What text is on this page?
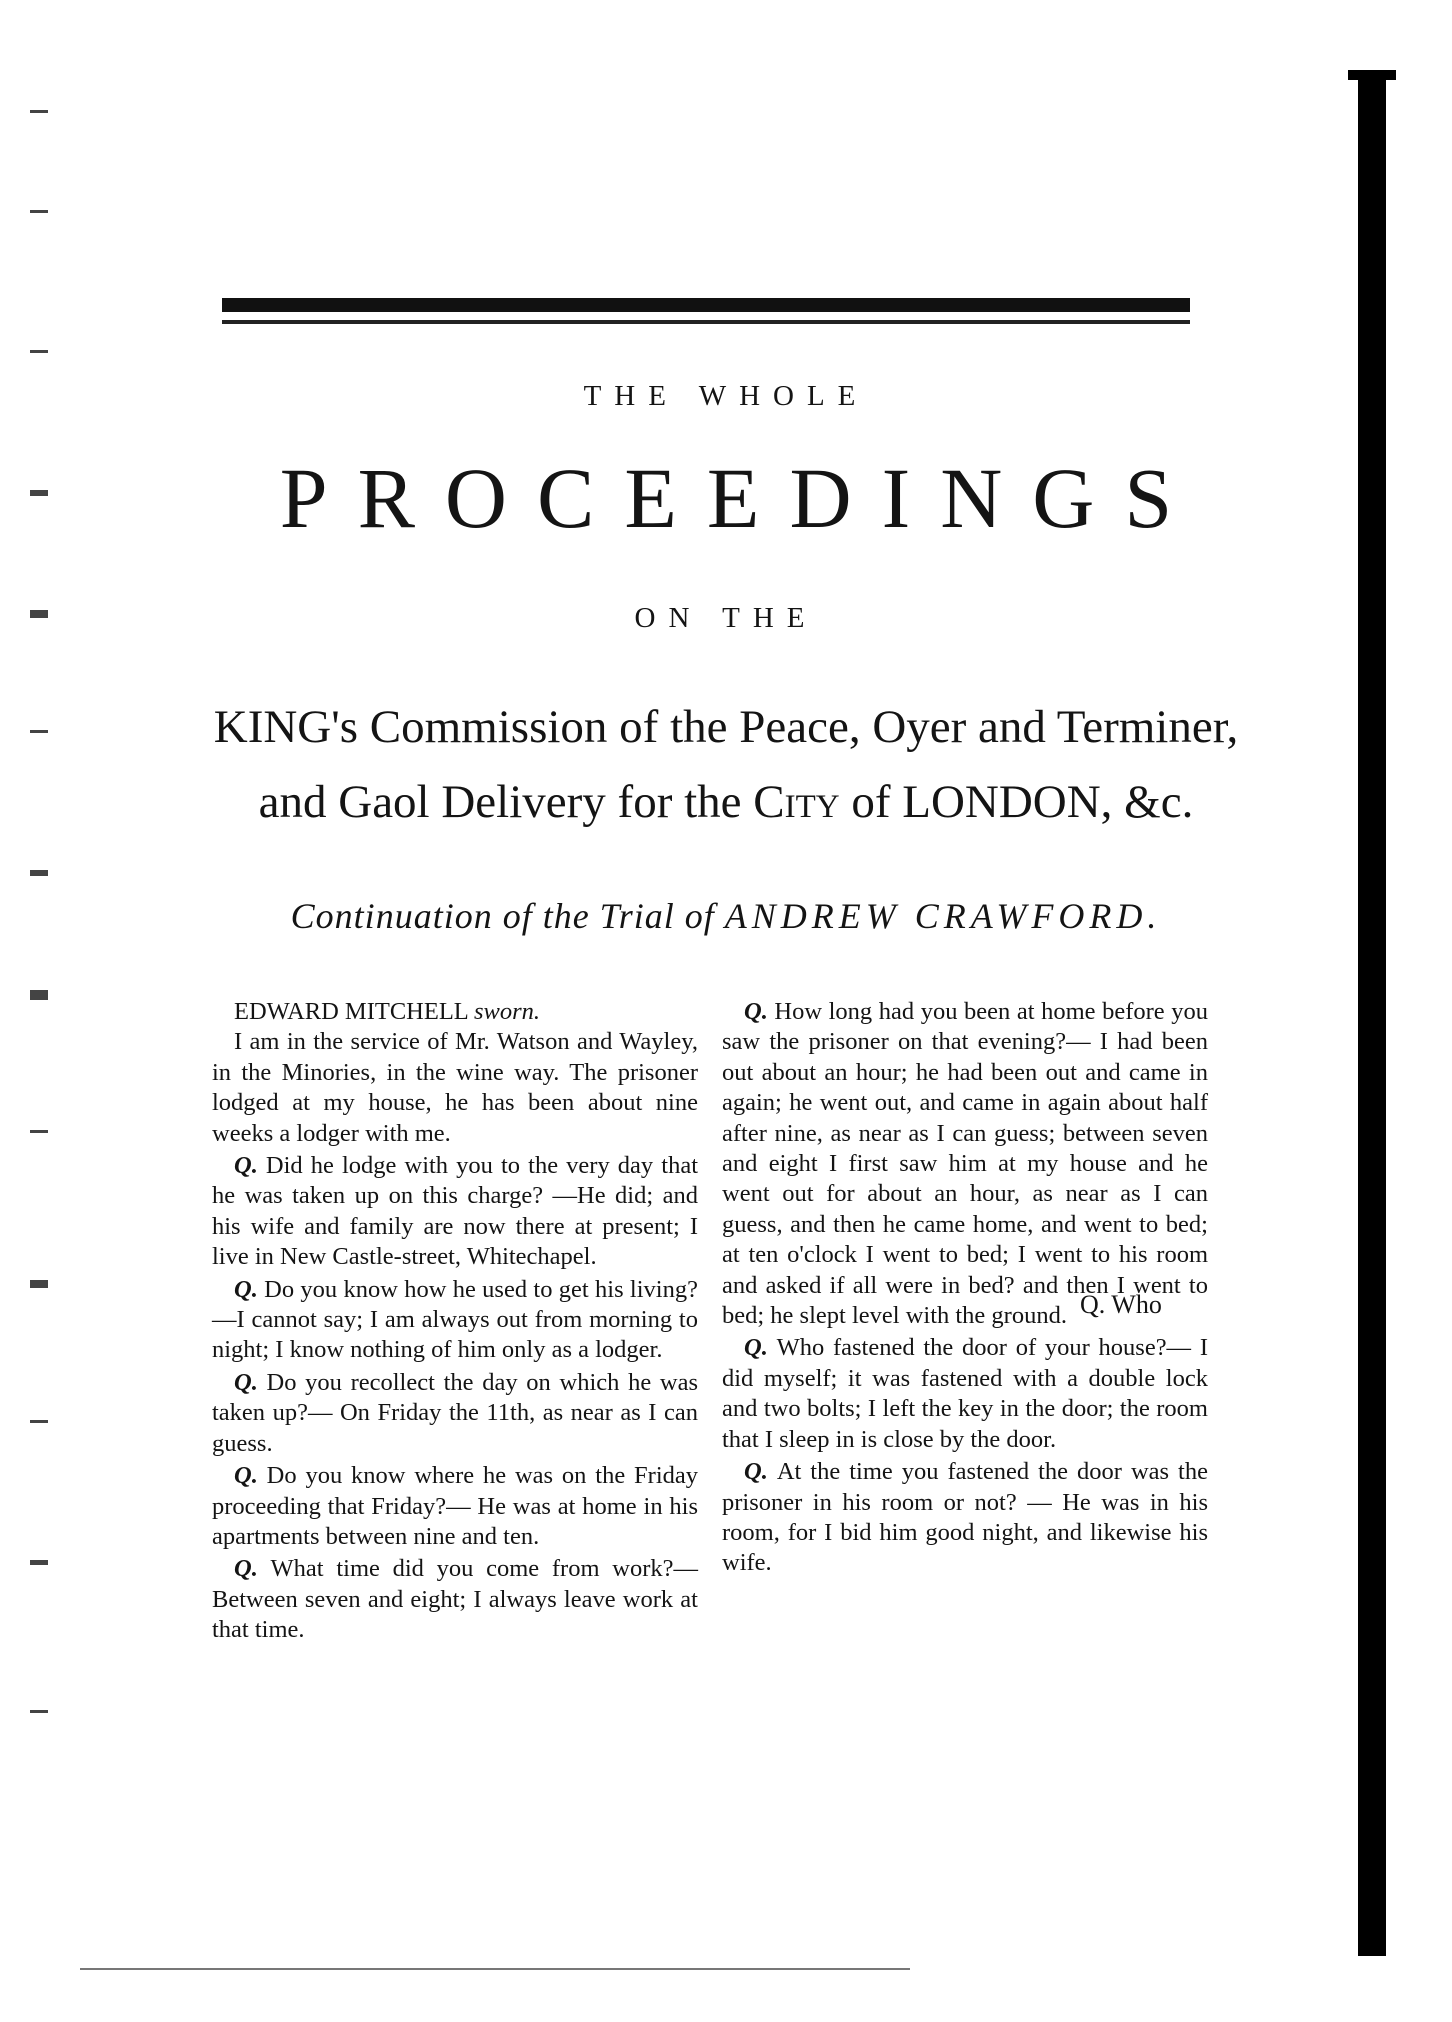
THE WHOLE

PROCEEDINGS

ON THE

KING's Commission of the Peace, Oyer and Terminer,

and Gaol Delivery for the City of LONDON, &c.

Continuation of the Trial of ANDREW CRAWFORD.

EDWARD MITCHELL sworn.

I am in the service of Mr. Watson and Wayley, in the Minories, in the wine way. The prisoner lodged at my house, he has been about nine weeks a lodger with me.

Q. Did he lodge with you to the very day that he was taken up on this charge? —He did; and his wife and family are now there at present; I live in New Castle-street, Whitechapel.

Q. Do you know how he used to get his living?—I cannot say; I am always out from morning to night; I know nothing of him only as a lodger.

Q. Do you recollect the day on which he was taken up?— On Friday the 11th, as near as I can guess.

Q. Do you know where he was on the Friday proceeding that Friday?— He was at home in his apartments between nine and ten.

Q. What time did you come from work?— Between seven and eight; I always leave work at that time.

Q. How long had you been at home before you saw the prisoner on that evening?— I had been out about an hour; he had been out and came in again; he went out, and came in again about half after nine, as near as I can guess; between seven and eight I first saw him at my house and he went out for about an hour, as near as I can guess, and then he came home, and went to bed; at ten o'clock I went to bed; I went to his room and asked if all were in bed? and then I went to bed; he slept level with the ground.

Q. Who fastened the door of your house?— I did myself; it was fastened with a double lock and two bolts; I left the key in the door; the room that I sleep in is close by the door.

Q. At the time you fastened the door was the prisoner in his room or not? — He was in his room, for I bid him good night, and likewise his wife.

Q. Who
